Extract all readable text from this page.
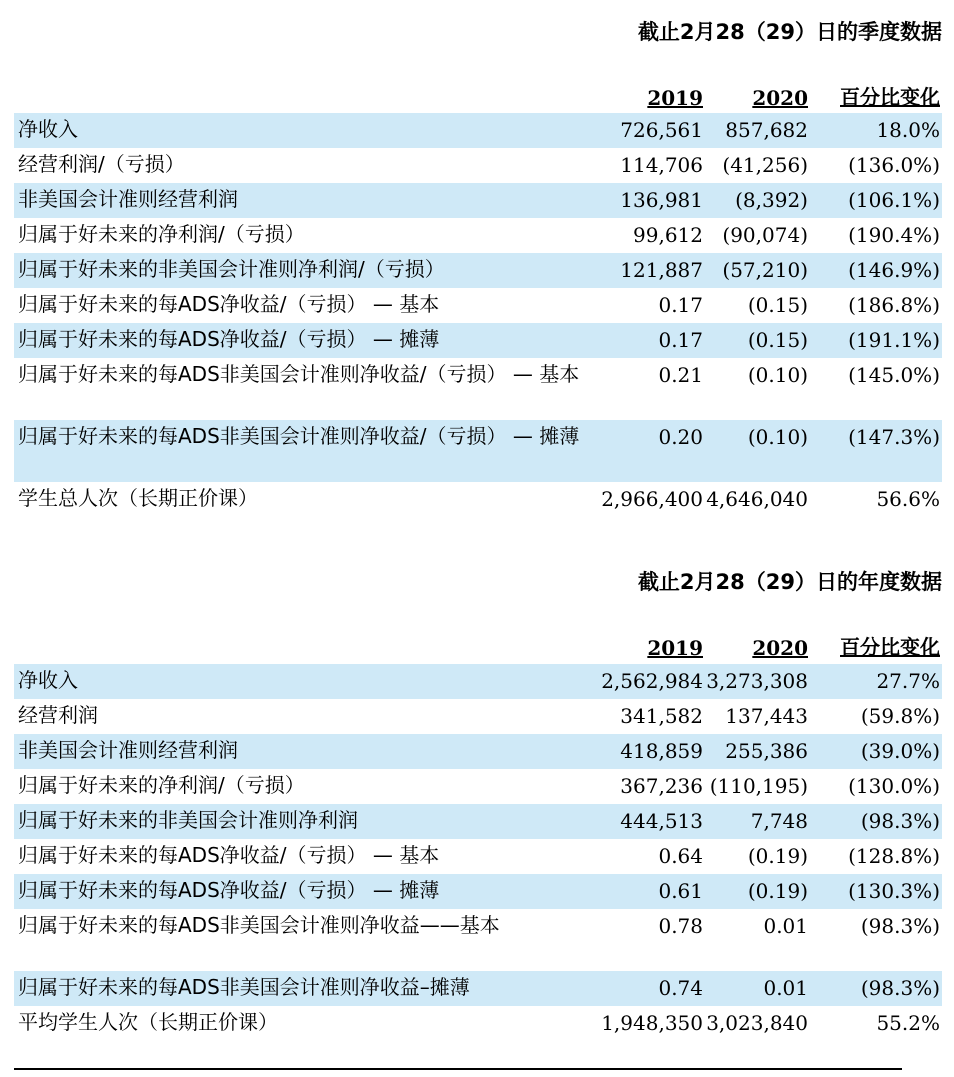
截止2月28（29）日的季度数据
2019 2020 百分比变化
净收入	726,561 857,682	18.0%
经营利润/（亏损）	114,706 (41,256) (136.0%)
非美国会计准则经营利润	136,981 (8,392) (106.1%)
归属于好未来的净利润/（亏损）	99,612 (90,074) (190.4%)
归属于好未来的非美国会计准则净利润/（亏损）	121,887 (57,210) (146.9%)
归属于好未来的每ADS净收益/（亏损） — 基本	0.17 (0.15) (186.8%)
归属于好未来的每ADS净收益/（亏损） — 摊薄	0.17 (0.15) (191.1%)
归属于好未来的每ADS非美国会计准则净收益/（亏损） — 基本	0.21 (0.10) (145.0%)
归属于好未来的每ADS非美国会计准则净收益/（亏损） — 摊薄	0.20 (0.10) (147.3%)
学生总人次（长期正价课）	2,966,400 4,646,040	56.6%
截止2月28（29）日的年度数据
2019 2020 百分比变化
净收入	2,562,984 3,273,308	27.7%
经营利润	341,582 137,443	(59.8%)
非美国会计准则经营利润	418,859 255,386	(39.0%)
归属于好未来的净利润/（亏损）	367,236 (110,195) (130.0%)
归属于好未来的非美国会计准则净利润	444,513 7,748	(98.3%)
归属于好未来的每ADS净收益/（亏损） — 基本	0.64 (0.19) (128.8%)
归属于好未来的每ADS净收益/（亏损） — 摊薄	0.61 (0.19) (130.3%)
归属于好未来的每ADS非美国会计准则净收益——基本	0.78	0.01	(98.3%)
归属于好未来的每ADS非美国会计准则净收益–摊薄	0.74	0.01	(98.3%)
平均学生人次（长期正价课）	1,948,350 3,023,840	55.2%
